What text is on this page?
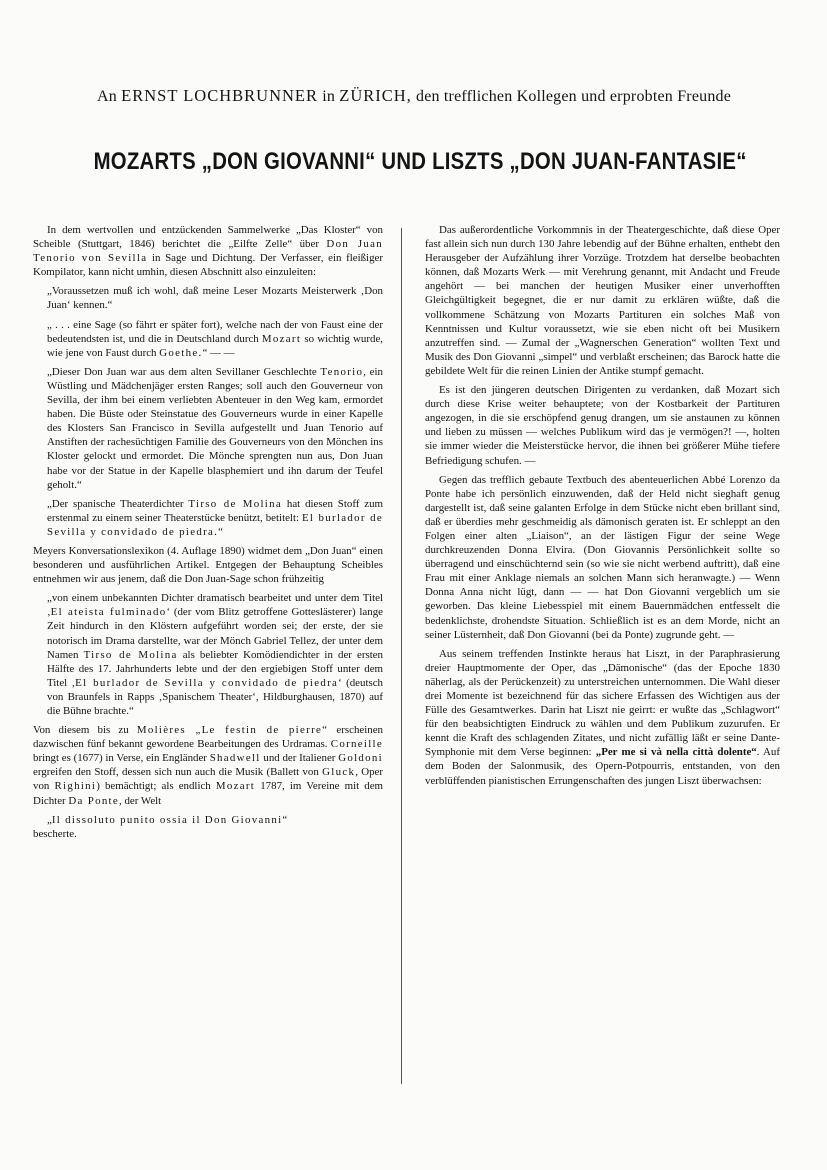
An ERNST LOCHBRUNNER in ZÜRICH, den trefflichen Kollegen und erprobten Freunde
MOZARTS „DON GIOVANNI“ UND LISZTS „DON JUAN-FANTASIE“

In dem wertvollen und entzückenden Sammelwerke „Das Kloster“ von Scheible (Stuttgart, 1846) berichtet die „Eilfte Zelle“ über Don Juan Tenorio von Sevilla in Sage und Dichtung. Der Verfasser, ein fleißiger Kompilator, kann nicht umhin, diesen Abschnitt also einzuleiten:

„Voraussetzen muß ich wohl, daß meine Leser Mozarts Meisterwerk ‚Don Juan‘ kennen.“

„ . . . eine Sage (so fährt er später fort), welche nach der von Faust eine der bedeutendsten ist, und die in Deutschland durch Mozart so wichtig wurde, wie jene von Faust durch Goethe.“ — —

„Dieser Don Juan war aus dem alten Sevillaner Geschlechte Tenorio, ein Wüstling und Mädchenjäger ersten Ranges; soll auch den Gouverneur von Sevilla, der ihm bei einem verliebten Abenteuer in den Weg kam, ermordet haben. Die Büste oder Steinstatue des Gouverneurs wurde in einer Kapelle des Klosters San Francisco in Sevilla aufgestellt und Juan Tenorio auf Anstiften der rachesüchtigen Familie des Gouverneurs von den Mönchen ins Kloster gelockt und ermordet. Die Mönche sprengten nun aus, Don Juan habe vor der Statue in der Kapelle blasphemiert und ihn darum der Teufel geholt.“

„Der spanische Theaterdichter Tirso de Molina hat diesen Stoff zum erstenmal zu einem seiner Theaterstücke benützt, betitelt: El burlador de Sevilla y convidado de piedra.“

Meyers Konversationslexikon (4. Auflage 1890) widmet dem „Don Juan“ einen besonderen und ausführlichen Artikel. Entgegen der Behauptung Scheibles entnehmen wir aus jenem, daß die Don Juan-Sage schon frühzeitig

„von einem unbekannten Dichter dramatisch bearbeitet und unter dem Titel ‚El ateista fulminado‘ (der vom Blitz getroffene Gotteslästerer) lange Zeit hindurch in den Klöstern aufgeführt worden sei; der erste, der sie notorisch im Drama darstellte, war der Mönch Gabriel Tellez, der unter dem Namen Tirso de Molina als beliebter Komödiendichter in der ersten Hälfte des 17. Jahrhunderts lebte und der den ergiebigen Stoff unter dem Titel ‚El burlador de Sevilla y convidado de piedra‘ (deutsch von Braunfels in Rapps ‚Spanischem Theater‘, Hildburghausen, 1870) auf die Bühne brachte.“

Von diesem bis zu Molières „Le festin de pierre“ erscheinen dazwischen fünf bekannt gewordene Bearbeitungen des Urdramas. Corneille bringt es (1677) in Verse, ein Engländer Shadwell und der Italiener Goldoni ergreifen den Stoff, dessen sich nun auch die Musik (Ballett von Gluck, Oper von Righini) bemächtigt; als endlich Mozart 1787, im Vereine mit dem Dichter Da Ponte, der Welt

„Il dissoluto punito ossia il Don Giovanni“

bescherte.

Das außerordentliche Vorkommnis in der Theatergeschichte, daß diese Oper fast allein sich nun durch 130 Jahre lebendig auf der Bühne erhalten, enthebt den Herausgeber der Aufzählung ihrer Vorzüge. Trotzdem hat derselbe beobachten können, daß Mozarts Werk — mit Verehrung genannt, mit Andacht und Freude angehört — bei manchen der heutigen Musiker einer unverhofften Gleichgültigkeit begegnet, die er nur damit zu erklären wüßte, daß die vollkommene Schätzung von Mozarts Partituren ein solches Maß von Kenntnissen und Kultur voraussetzt, wie sie eben nicht oft bei Musikern anzutreffen sind. — Zumal der „Wagnerschen Generation“ wollten Text und Musik des Don Giovanni „simpel“ und verblaßt erscheinen; das Barock hatte die gebildete Welt für die reinen Linien der Antike stumpf gemacht.

Es ist den jüngeren deutschen Dirigenten zu verdanken, daß Mozart sich durch diese Krise weiter behauptete; von der Kostbarkeit der Partituren angezogen, in die sie erschöpfend genug drangen, um sie anstaunen zu können und lieben zu müssen — welches Publikum wird das je vermögen?! —, holten sie immer wieder die Meisterstücke hervor, die ihnen bei größerer Mühe tiefere Befriedigung schufen. —

Gegen das trefflich gebaute Textbuch des abenteuerlichen Abbé Lorenzo da Ponte habe ich persönlich einzuwenden, daß der Held nicht sieghaft genug dargestellt ist, daß seine galanten Erfolge in dem Stücke nicht eben brillant sind, daß er überdies mehr geschmeidig als dämonisch geraten ist. Er schleppt an den Folgen einer alten „Liaison“, an der lästigen Figur der seine Wege durchkreuzenden Donna Elvira. (Don Giovannis Persönlichkeit sollte so überragend und einschüchternd sein (so wie sie nicht werbend auftritt), daß eine Frau mit einer Anklage niemals an solchen Mann sich heranwagte.) — Wenn Donna Anna nicht lügt, dann — — hat Don Giovanni vergeblich um sie geworben. Das kleine Liebesspiel mit einem Bauernmädchen entfesselt die bedenklichste, drohendste Situation. Schließlich ist es an dem Morde, nicht an seiner Lüsternheit, daß Don Giovanni (bei da Ponte) zugrunde geht. —

Aus seinem treffenden Instinkte heraus hat Liszt, in der Paraphrasierung dreier Hauptmomente der Oper, das „Dämonische“ (das der Epoche 1830 näherlag, als der Perückenzeit) zu unterstreichen unternommen. Die Wahl dieser drei Momente ist bezeichnend für das sichere Erfassen des Wichtigen aus der Fülle des Gesamtwerkes. Darin hat Liszt nie geirrt: er wußte das „Schlagwort“ für den beabsichtigten Eindruck zu wählen und dem Publikum zuzurufen. Er kennt die Kraft des schlagenden Zitates, und nicht zufällig läßt er seine Dante-Symphonie mit dem Verse beginnen: „Per me si và nella città dolente“. Auf dem Boden der Salonmusik, des Opern-Potpourris, entstanden, von den verblüffenden pianistischen Errungenschaften des jungen Liszt überwachsen:
